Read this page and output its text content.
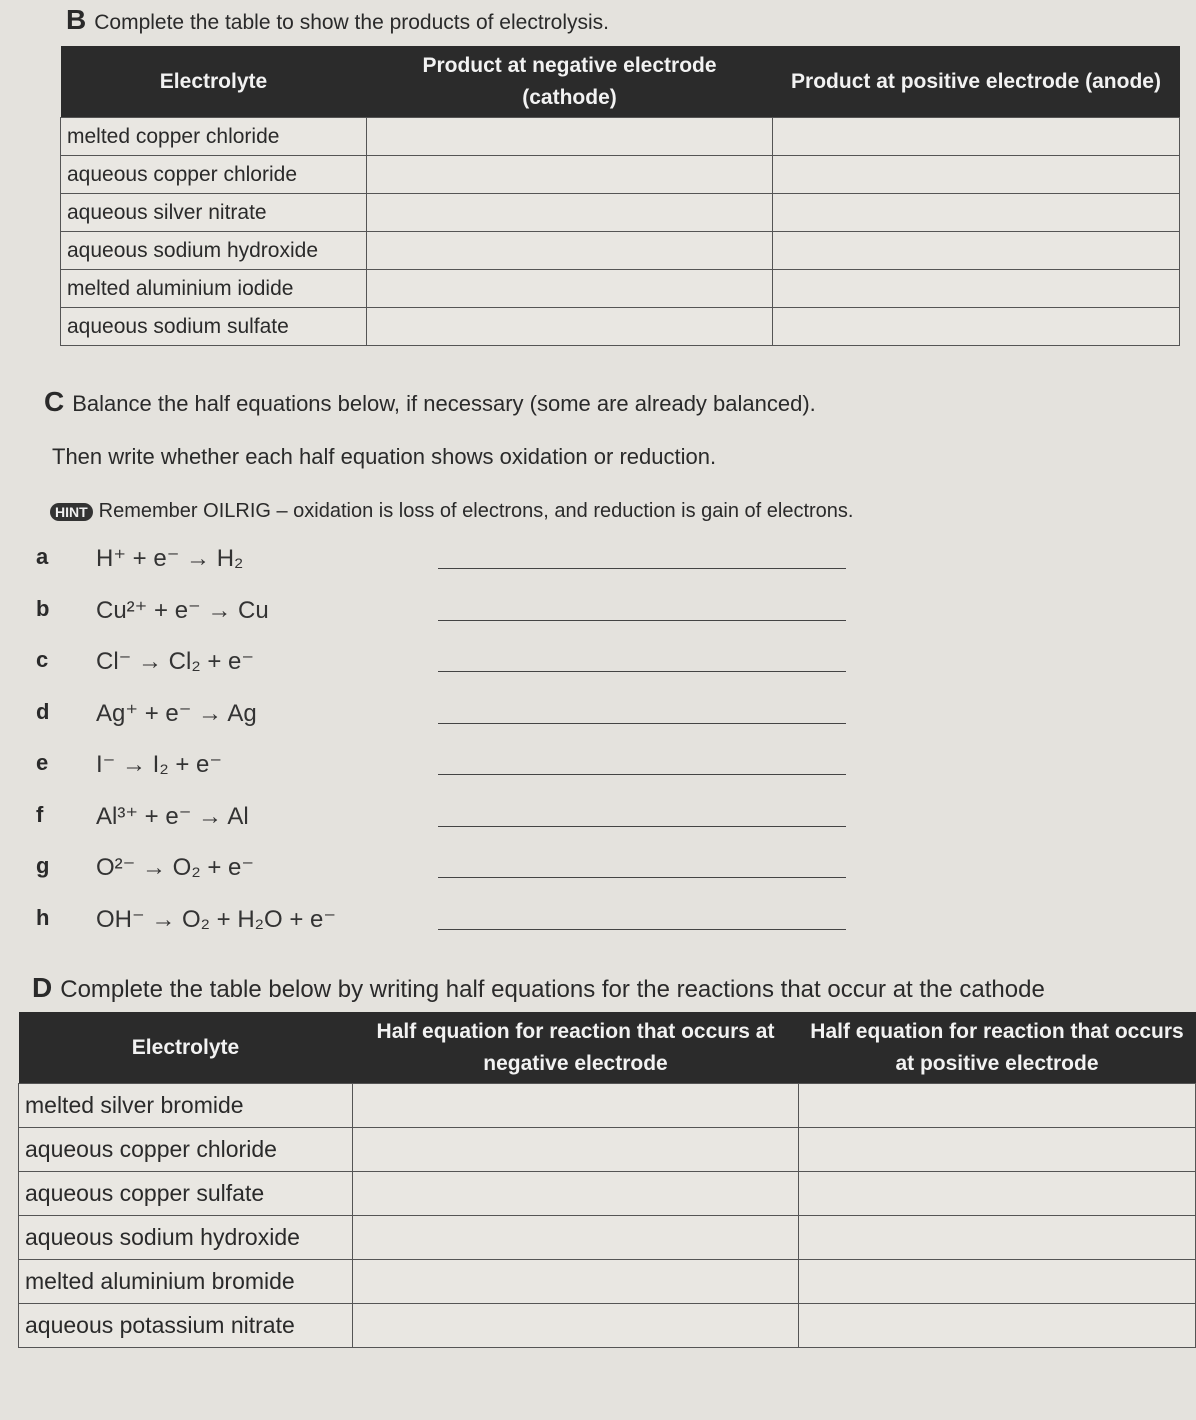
B Complete the table to show the products of electrolysis.
Electrolyte	Product at negative electrode (cathode)	Product at positive electrode (anode)
melted copper chloride		
aqueous copper chloride		
aqueous silver nitrate		
aqueous sodium hydroxide		
melted aluminium iodide		
aqueous sodium sulfate		
C Balance the half equations below, if necessary (some are already balanced).
Then write whether each half equation shows oxidation or reduction.
HINT Remember OILRIG – oxidation is loss of electrons, and reduction is gain of electrons.
a	H⁺ + e⁻ → H₂
b	Cu²⁺ + e⁻ → Cu
c	Cl⁻ → Cl₂ + e⁻
d	Ag⁺ + e⁻ → Ag
e	I⁻ → I₂ + e⁻
f	Al³⁺ + e⁻ → Al
g	O²⁻ → O₂ + e⁻
h	OH⁻ → O₂ + H₂O + e⁻
D Complete the table below by writing half equations for the reactions that occur at the cathode
Electrolyte	Half equation for reaction that occurs at negative electrode	Half equation for reaction that occurs at positive electrode
melted silver bromide		
aqueous copper chloride		
aqueous copper sulfate		
aqueous sodium hydroxide		
melted aluminium bromide		
aqueous potassium nitrate		
